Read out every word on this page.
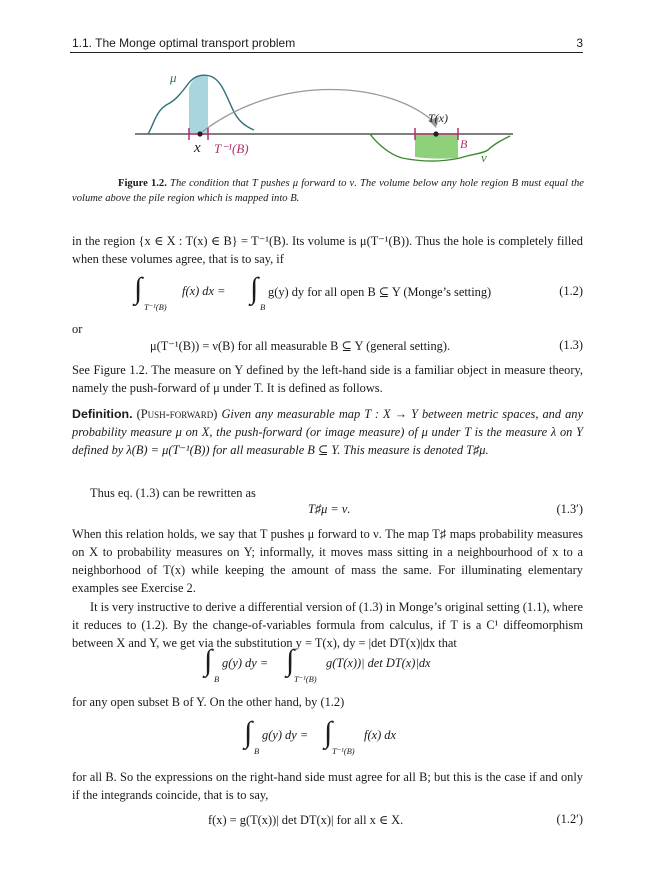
1.1. The Monge optimal transport problem	3
μ
x T⁻¹(B)
T(x)
B
ν
Figure 1.2. The condition that T pushes μ forward to ν. The volume below any hole region B must equal the volume above the pile region which is mapped into B.
in the region {x ∈ X : T(x) ∈ B} = T⁻¹(B). Its volume is μ(T⁻¹(B)). Thus the hole is completely filled when these volumes agree, that is to say, if
∫
T⁻¹(B)
f(x) dx = ∫
B
g(y) dy for all open B ⊆ Y (Monge’s setting)	(1.2)
or
μ(T⁻¹(B)) = ν(B) for all measurable B ⊆ Y (general setting).	(1.3)
See Figure 1.2. The measure on Y defined by the left-hand side is a familiar object in measure theory, namely the push-forward of μ under T. It is defined as follows.
Definition. (Push-forward) Given any measurable map T : X → Y between metric spaces, and any probability measure μ on X, the push-forward (or image measure) of μ under T is the measure λ on Y defined by λ(B) = μ(T⁻¹(B)) for all measurable B ⊆ Y. This measure is denoted T♯μ.
Thus eq. (1.3) can be rewritten as
T♯μ = ν.	(1.3′)
When this relation holds, we say that T pushes μ forward to ν. The map T♯ maps probability measures on X to probability measures on Y; informally, it moves mass sitting in a neighbourhood of x to a neighborhood of T(x) while keeping the amount of mass the same. For illuminating elementary examples see Exercise 2.
It is very instructive to derive a differential version of (1.3) in Monge’s original setting (1.1), where it reduces to (1.2). By the change-of-variables formula from calculus, if T is a C¹ diffeomorphism between X and Y, we get via the substitution y = T(x), dy = |det DT(x)|dx that
∫
B
g(y) dy = ∫
T⁻¹(B)
g(T(x))| det DT(x)|dx
for any open subset B of Y. On the other hand, by (1.2)
∫
B
g(y) dy = ∫
T⁻¹(B)
f(x) dx
for all B. So the expressions on the right-hand side must agree for all B; but this is the case if and only if the integrands coincide, that is to say,
f(x) = g(T(x))| det DT(x)| for all x ∈ X.	(1.2′)
